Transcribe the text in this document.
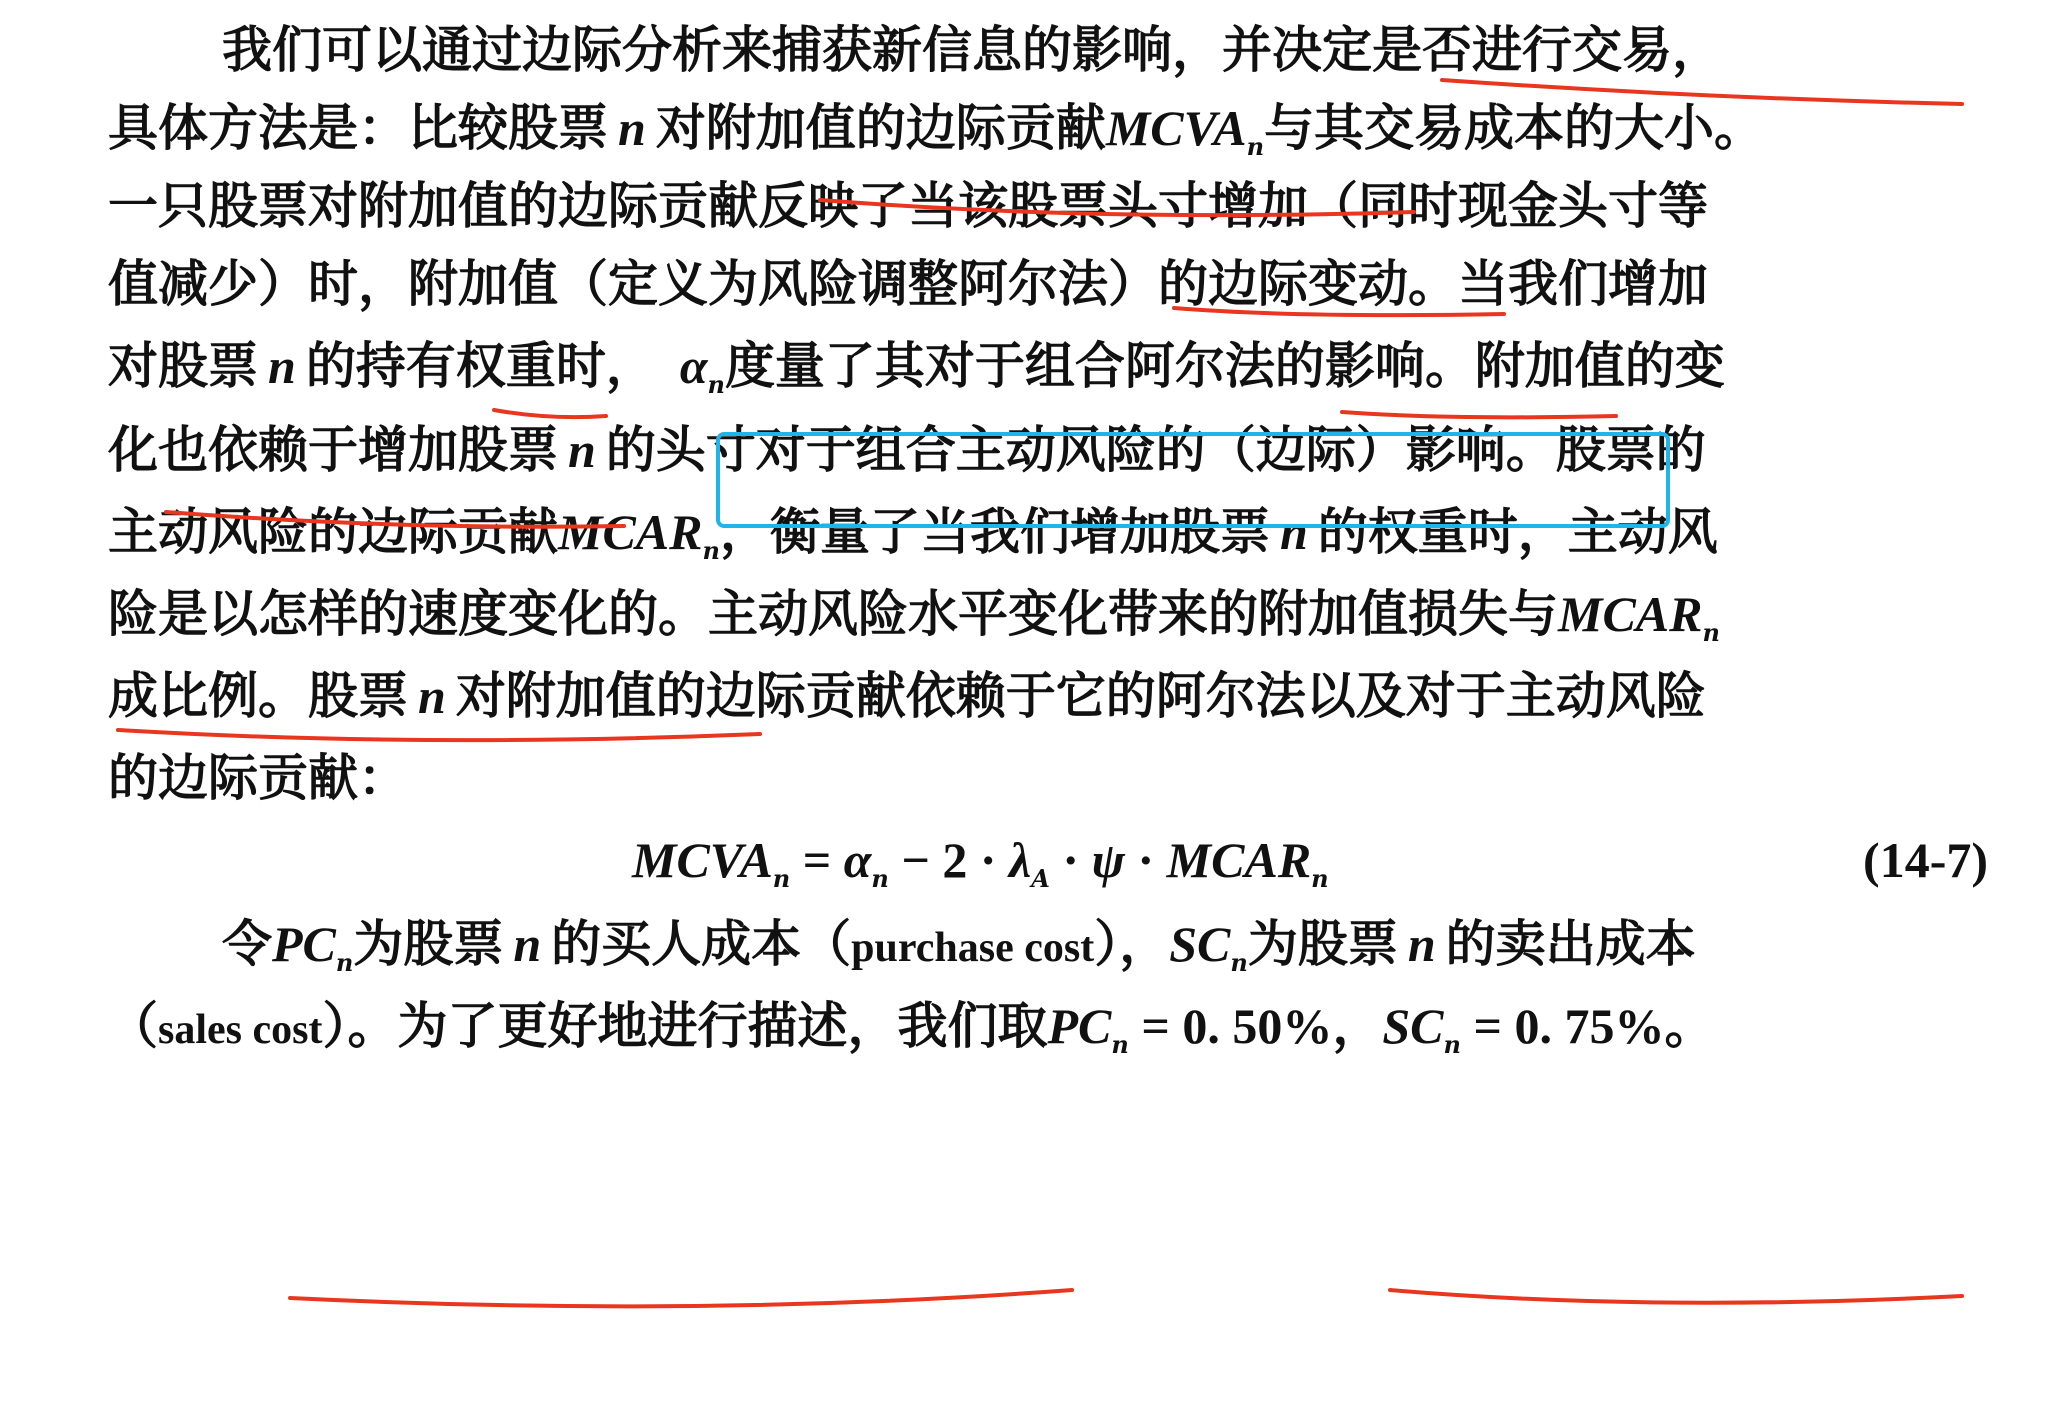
我们可以通过边际分析来捕获新信息的影响，并决定是否进行交易，
具体方法是：比较股票 n 对附加值的边际贡献$MCVA_n$与其交易成本的大小。
一只股票对附加值的边际贡献反映了当该股票头寸增加（同时现金头寸等
值减少）时，附加值（定义为风险调整阿尔法）的边际变动。当我们增加
对股票 n 的持有权重时， $\alpha_n$度量了其对于组合阿尔法的影响。附加值的变
化也依赖于增加股票 n 的头寸对于组合主动风险的（边际）影响。股票的
主动风险的边际贡献$MCAR_n$，衡量了当我们增加股票 n 的权重时，主动风
险是以怎样的速度变化的。主动风险水平变化带来的附加值损失与$MCAR_n$
成比例。股票 n 对附加值的边际贡献依赖于它的阿尔法以及对于主动风险
的边际贡献：
$MCVA_n = \alpha_n - 2 \cdot \lambda_A \cdot \psi$ · $MCAR_n$	(14-7)
令$PC_n$为股票 n 的买人成本（purchase cost），$SC_n$为股票 n 的卖出成本
（sales cost）。为了更好地进行描述，我们取$PC_n = 0$. 50%，$SC_n = 0$. 75%。
